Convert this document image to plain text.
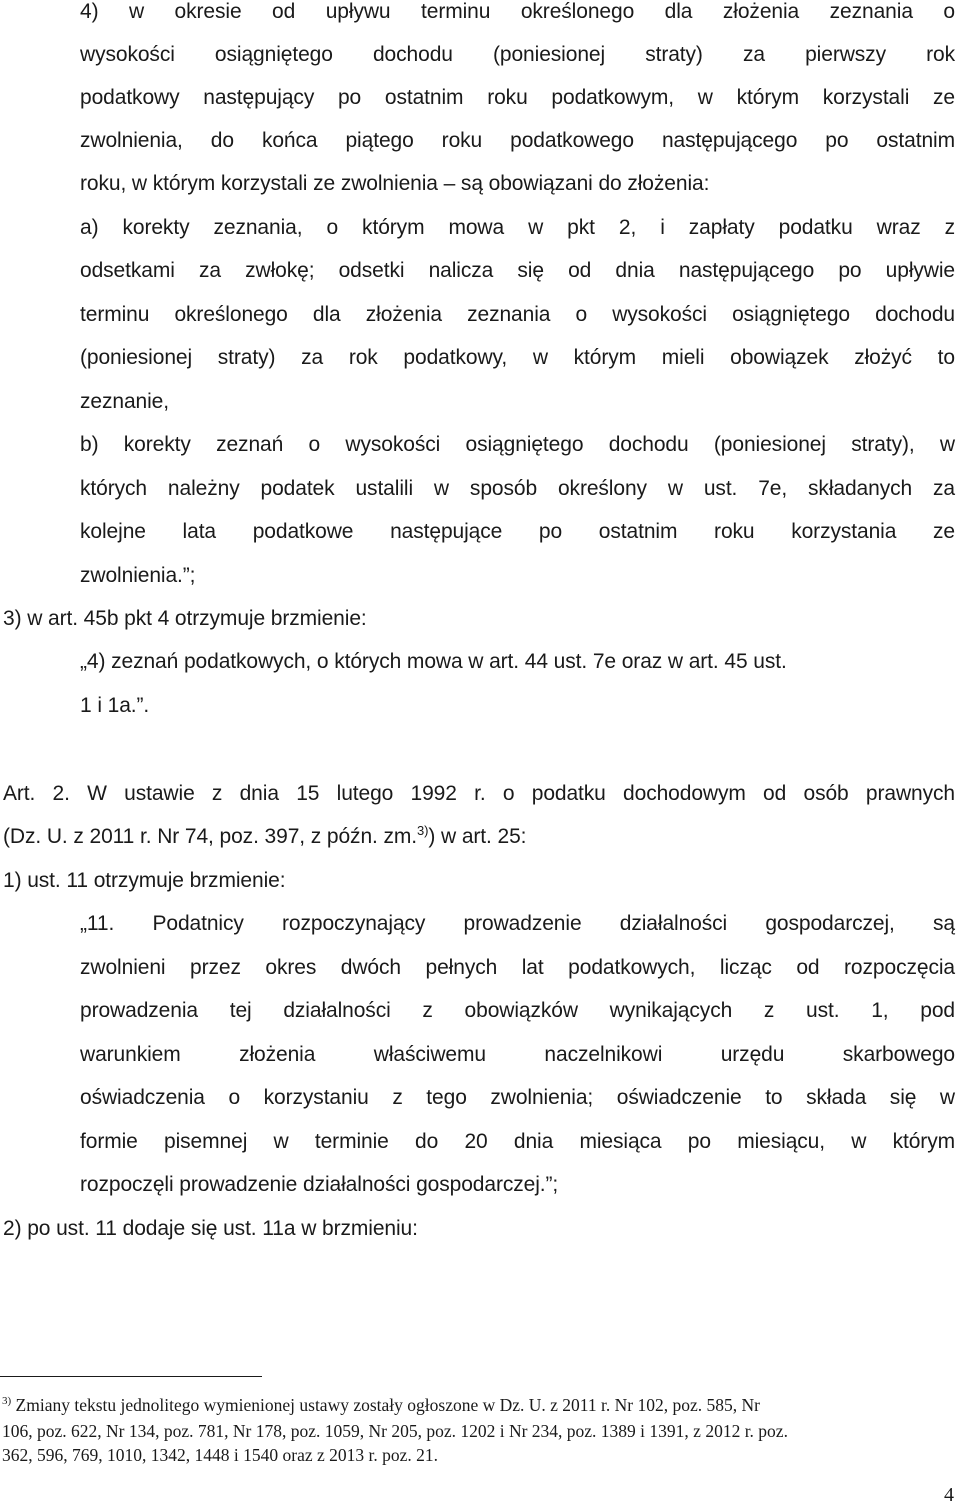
4) w okresie od upływu terminu określonego dla złożenia zeznania o
wysokości osiągniętego dochodu (poniesionej straty) za pierwszy rok
podatkowy następujący po ostatnim roku podatkowym, w którym korzystali ze
zwolnienia, do końca piątego roku podatkowego następującego po ostatnim
roku, w którym korzystali ze zwolnienia – są obowiązani do złożenia:
a) korekty zeznania, o którym mowa w pkt 2, i zapłaty podatku wraz z
odsetkami za zwłokę; odsetki nalicza się od dnia następującego po upływie
terminu określonego dla złożenia zeznania o wysokości osiągniętego dochodu
(poniesionej straty) za rok podatkowy, w którym mieli obowiązek złożyć to
zeznanie,
b) korekty zeznań o wysokości osiągniętego dochodu (poniesionej straty), w
których należny podatek ustalili w sposób określony w ust. 7e, składanych za
kolejne lata podatkowe następujące po ostatnim roku korzystania ze
zwolnienia.”;
3) w art. 45b pkt 4 otrzymuje brzmienie:
„4) zeznań podatkowych, o których mowa w art. 44 ust. 7e oraz w art. 45 ust.
1 i 1a.”.
Art. 2. W ustawie z dnia 15 lutego 1992 r. o podatku dochodowym od osób prawnych
(Dz. U. z 2011 r. Nr 74, poz. 397, z późn. zm.$^{3)}$) w art. 25:
1) ust. 11 otrzymuje brzmienie:
„11. Podatnicy rozpoczynający prowadzenie działalności gospodarczej, są
zwolnieni przez okres dwóch pełnych lat podatkowych, licząc od rozpoczęcia
prowadzenia tej działalności z obowiązków wynikających z ust. 1, pod
warunkiem złożenia właściwemu naczelnikowi urzędu skarbowego
oświadczenia o korzystaniu z tego zwolnienia; oświadczenie to składa się w
formie pisemnej w terminie do 20 dnia miesiąca po miesiącu, w którym
rozpoczęli prowadzenie działalności gospodarczej.”;
2) po ust. 11 dodaje się ust. 11a w brzmieniu:
$^{3)}$ Zmiany tekstu jednolitego wymienionej ustawy zostały ogłoszone w Dz. U. z 2011 r. Nr 102, poz. 585, Nr
106, poz. 622, Nr 134, poz. 781, Nr 178, poz. 1059, Nr 205, poz. 1202 i Nr 234, poz. 1389 i 1391, z 2012 r. poz.
362, 596, 769, 1010, 1342, 1448 i 1540 oraz z 2013 r. poz. 21.
4
